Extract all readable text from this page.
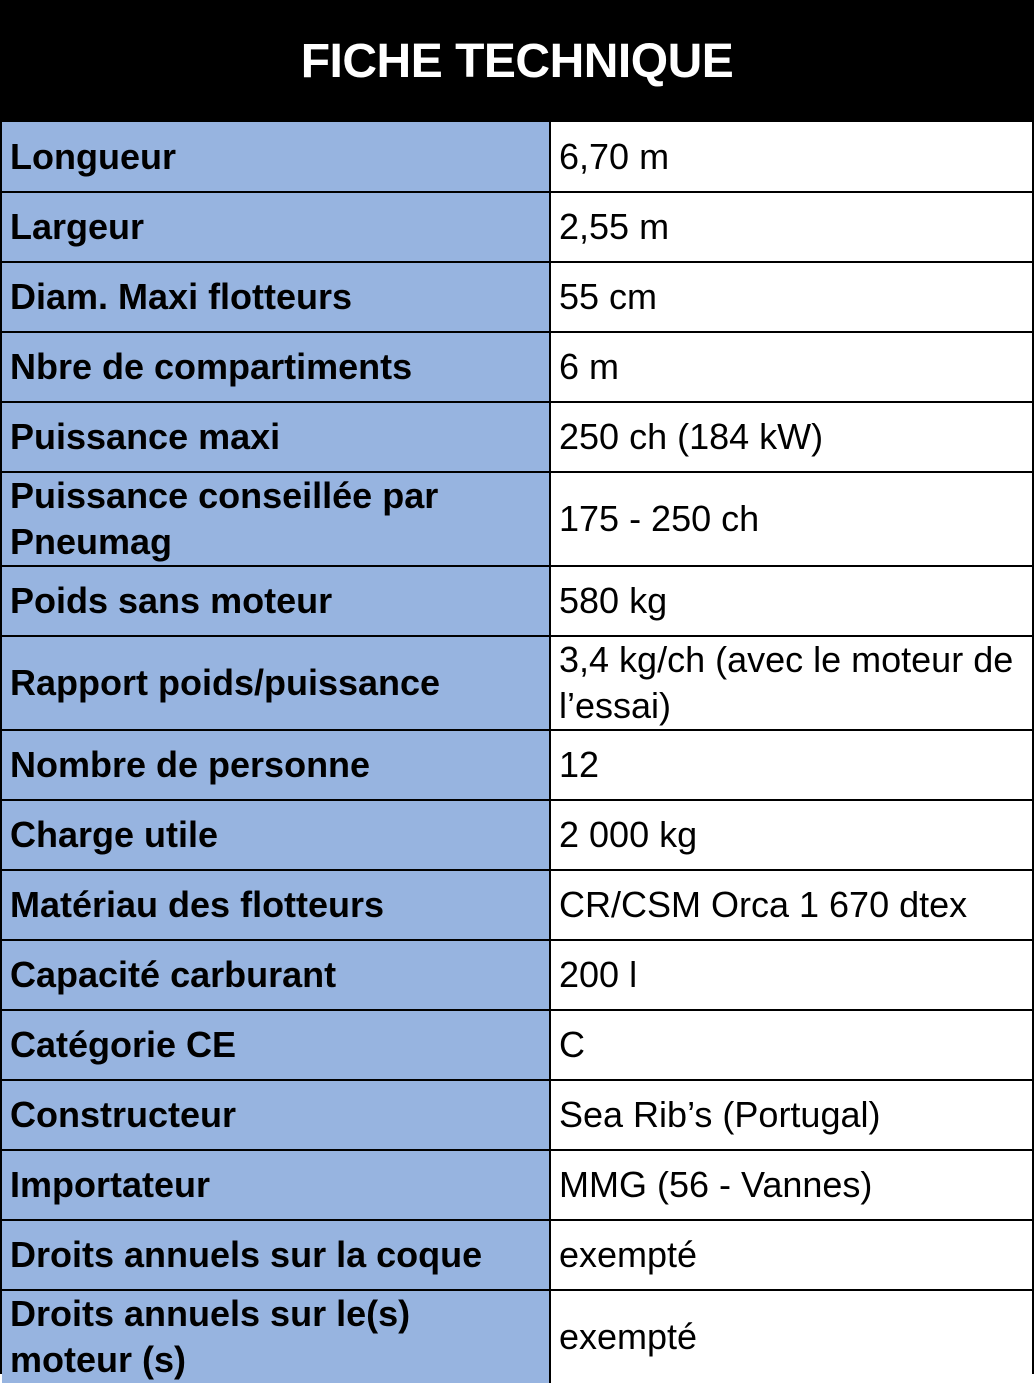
FICHE TECHNIQUE
Longueur	6,70 m
Largeur	2,55 m
Diam. Maxi flotteurs	55 cm
Nbre de compartiments	6 m
Puissance maxi	250 ch (184 kW)

Puissance conseillée par Pneumag	175 - 250 ch
Poids sans moteur	580 kg
Rapport poids/puissance	3,4 kg/ch (avec le moteur de l’essai)

Nombre de personne	12
Charge utile	2 000 kg
Matériau des flotteurs	CR/CSM Orca 1 670 dtex
Capacité carburant	200 l
Catégorie CE	C
Constructeur	Sea Rib’s (Portugal)
Importateur	MMG (56 - Vannes)
Droits annuels sur la coque	exempté

Droits annuels sur le(s) moteur (s)	exempté
